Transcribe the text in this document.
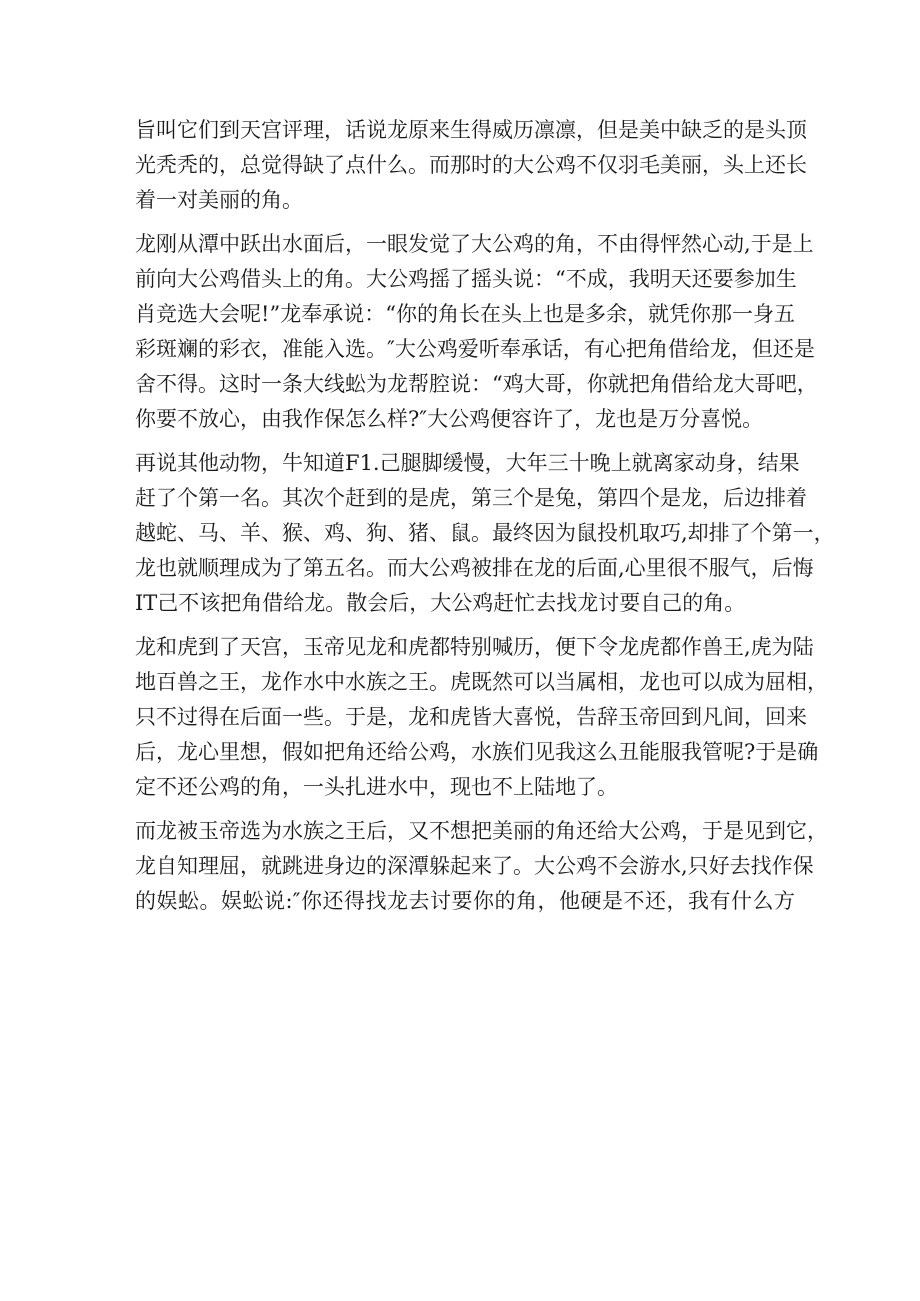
旨叫它们到天宫评理，话说龙原来生得威历凛凛，但是美中缺乏的是头顶
光秃秃的，总觉得缺了点什么。而那时的大公鸡不仅羽毛美丽，头上还长
着一对美丽的角。
龙刚从潭中跃出水面后，一眼发觉了大公鸡的角，不由得怦然心动,于是上
前向大公鸡借头上的角。大公鸡摇了摇头说：“不成，我明天还要参加生
肖竞选大会呢!”龙奉承说：“你的角长在头上也是多余，就凭你那一身五
彩斑斓的彩衣，准能入选。″大公鸡爱听奉承话，有心把角借给龙，但还是
舍不得。这时一条大线蚣为龙帮腔说：“鸡大哥，你就把角借给龙大哥吧，
你要不放心，由我作保怎么样?″大公鸡便容许了，龙也是万分喜悦。
再说其他动物，牛知道F1.己腿脚缓慢，大年三十晚上就离家动身，结果
赶了个第一名。其次个赶到的是虎，第三个是兔，第四个是龙，后边排着
越蛇、马、羊、猴、鸡、狗、猪、鼠。最终因为鼠投机取巧,却排了个第一，
龙也就顺理成为了第五名。而大公鸡被排在龙的后面,心里很不服气，后悔
IT己不该把角借给龙。散会后，大公鸡赶忙去找龙讨要自己的角。
龙和虎到了天宫，玉帝见龙和虎都特别喊历，便下令龙虎都作兽王,虎为陆
地百兽之王，龙作水中水族之王。虎既然可以当属相，龙也可以成为屈相，
只不过得在后面一些。于是，龙和虎皆大喜悦，告辞玉帝回到凡间，回来
后，龙心里想，假如把角还给公鸡，水族们见我这么丑能服我管呢?于是确
定不还公鸡的角，一头扎进水中，现也不上陆地了。
而龙被玉帝选为水族之王后，又不想把美丽的角还给大公鸡，于是见到它，
龙自知理屈，就跳进身边的深潭躲起来了。大公鸡不会游水,只好去找作保
的娱蚣。娱蚣说:″你还得找龙去讨要你的角，他硬是不还，我有什么方
